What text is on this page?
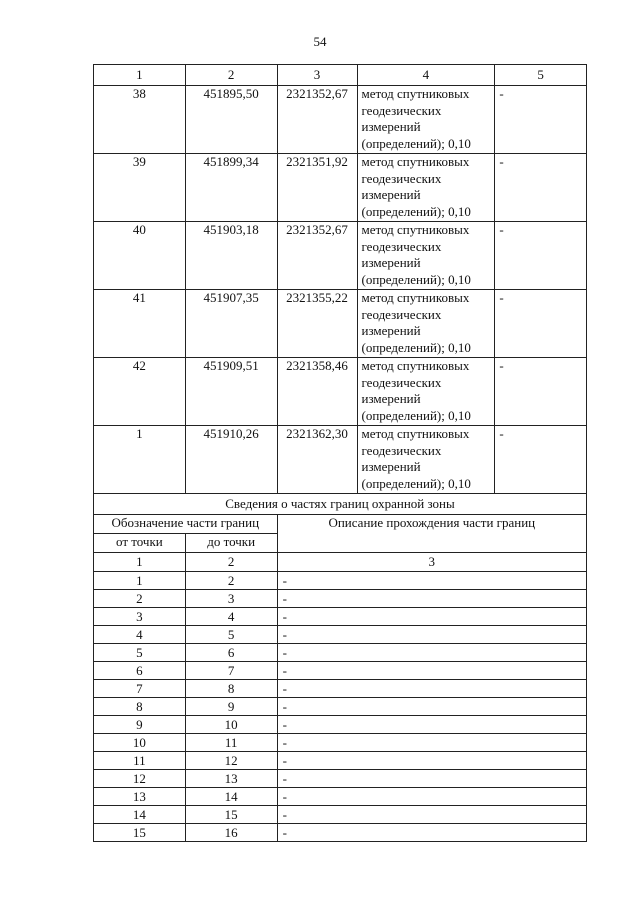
54
1	2	3	4	5
38	451895,50	2321352,67	метод спутниковых
геодезических
измерений
(определений); 0,10	-
39	451899,34	2321351,92	метод спутниковых
геодезических
измерений
(определений); 0,10	-
40	451903,18	2321352,67	метод спутниковых
геодезических
измерений
(определений); 0,10	-
41	451907,35	2321355,22	метод спутниковых
геодезических
измерений
(определений); 0,10	-
42	451909,51	2321358,46	метод спутниковых
геодезических
измерений
(определений); 0,10	-
1	451910,26	2321362,30	метод спутниковых
геодезических
измерений
(определений); 0,10	-
Сведения о частях границ охранной зоны				
Обозначение части границ		Описание прохождения части границ		
от точки	до точки			
1	2	3		
1	2	-		
2	3	-		
3	4	-		
4	5	-		
5	6	-		
6	7	-		
7	8	-		
8	9	-		
9	10	-		
10	11	-		
11	12	-		
12	13	-		
13	14	-		
14	15	-		
15	16	-		
